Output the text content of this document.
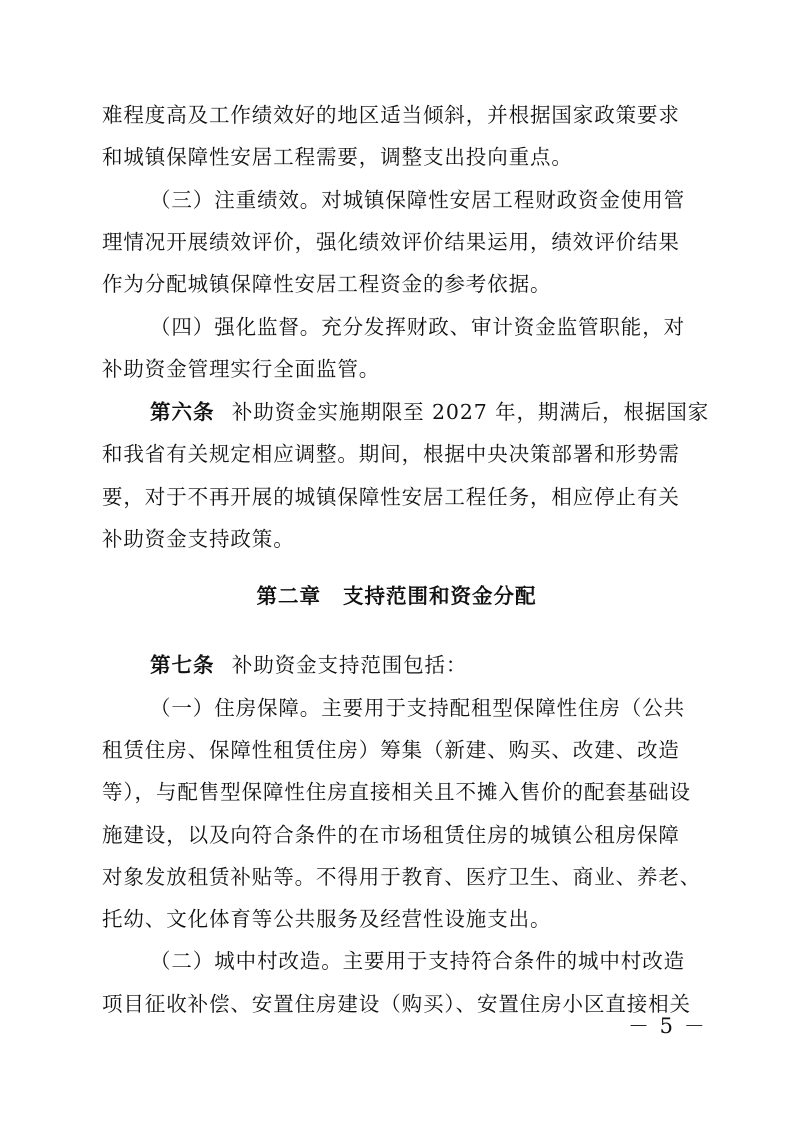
难程度高及工作绩效好的地区适当倾斜，并根据国家政策要求
和城镇保障性安居工程需要，调整支出投向重点。
（三）注重绩效。对城镇保障性安居工程财政资金使用管
理情况开展绩效评价，强化绩效评价结果运用，绩效评价结果
作为分配城镇保障性安居工程资金的参考依据。
（四）强化监督。充分发挥财政、审计资金监管职能，对
补助资金管理实行全面监管。
第六条 补助资金实施期限至 2027 年，期满后，根据国家
和我省有关规定相应调整。期间，根据中央决策部署和形势需
要，对于不再开展的城镇保障性安居工程任务，相应停止有关
补助资金支持政策。
第二章 支持范围和资金分配
第七条 补助资金支持范围包括：
（一）住房保障。主要用于支持配租型保障性住房（公共
租赁住房、保障性租赁住房）筹集（新建、购买、改建、改造
等），与配售型保障性住房直接相关且不摊入售价的配套基础设
施建设，以及向符合条件的在市场租赁住房的城镇公租房保障
对象发放租赁补贴等。不得用于教育、医疗卫生、商业、养老、
托幼、文化体育等公共服务及经营性设施支出。
（二）城中村改造。主要用于支持符合条件的城中村改造
项目征收补偿、安置住房建设（购买）、安置住房小区直接相关
－ 5 －
